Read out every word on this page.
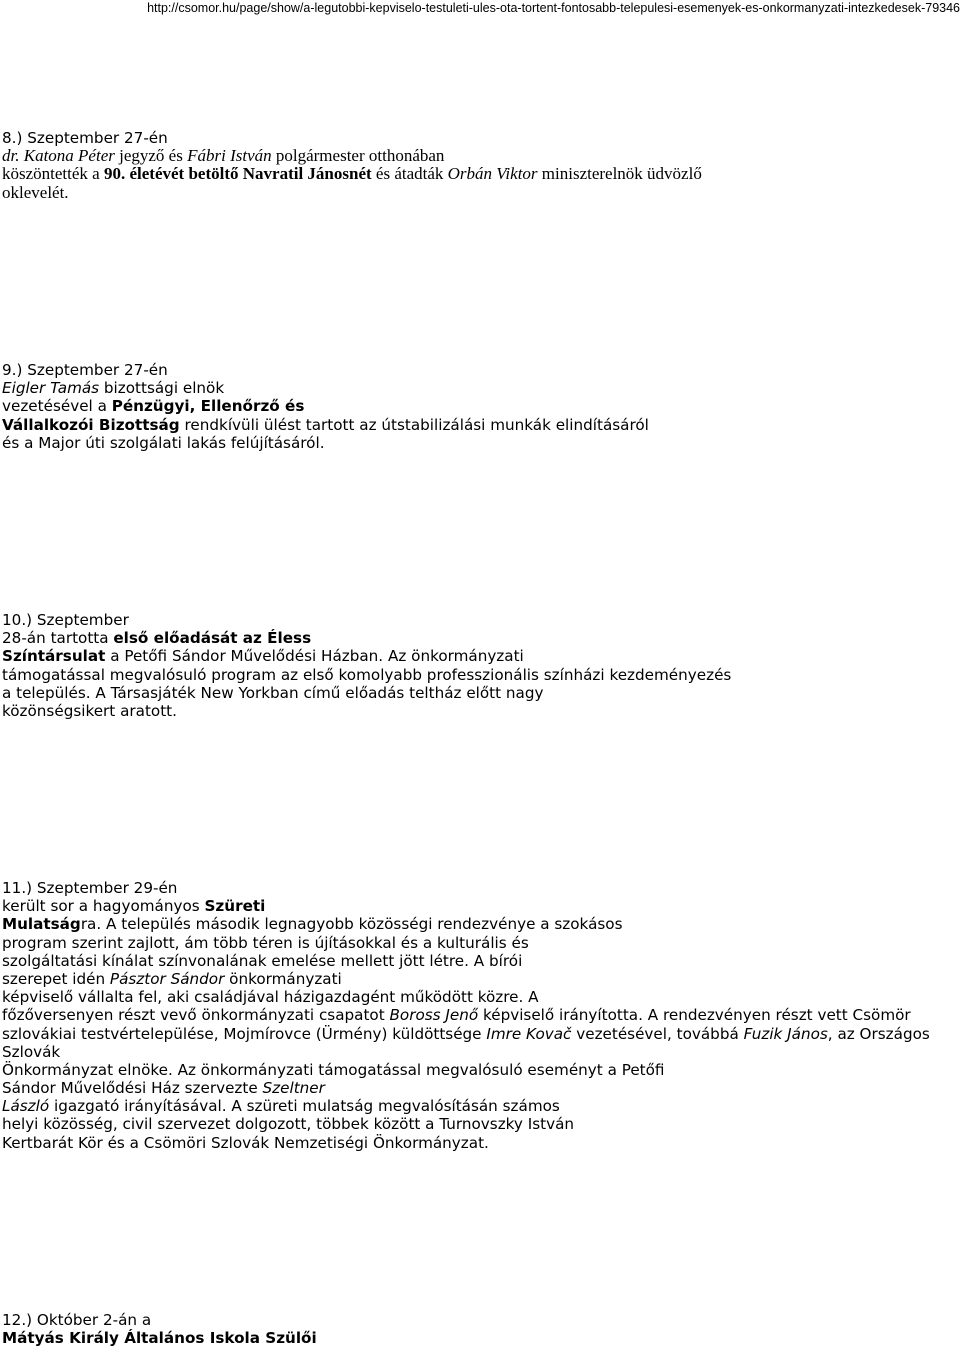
http://csomor.hu/page/show/a-legutobbi-kepviselo-testuleti-ules-ota-tortent-fontosabb-telepulesi-esemenyek-es-onkormanyzati-intezkedesek-79346
8.) Szeptember 27-én
dr. Katona Péter jegyző és Fábri István polgármester otthonában
köszöntették a 90. életévét betöltő Navratil Jánosnét és átadták Orbán Viktor miniszterelnök üdvözlő
oklevelét.
9.) Szeptember 27-én
Eigler Tamás bizottsági elnök
vezetésével a Pénzügyi, Ellenőrző és
Vállalkozói Bizottság rendkívüli ülést tartott az útstabilizálási munkák elindításáról
és a Major úti szolgálati lakás felújításáról.
10.) Szeptember
28-án tartotta első előadását az Éless
Színtársulat a Petőfi Sándor Művelődési Házban. Az önkormányzati
támogatással megvalósuló program az első komolyabb professzionális színházi kezdeményezés
a település. A Társasjáték New Yorkban című előadás teltház előtt nagy
közönségsikert aratott.
11.) Szeptember 29-én
került sor a hagyományos Szüreti
Mulatságra. A település második legnagyobb közösségi rendezvénye a szokásos
program szerint zajlott, ám több téren is újításokkal és a kulturális és
szolgáltatási kínálat színvonalának emelése mellett jött létre. A bírói
szerepet idén Pásztor Sándor önkormányzati
képviselő vállalta fel, aki családjával házigazdagént működött közre. A
főzőversenyen részt vevő önkormányzati csapatot Boross Jenő képviselő irányította. A rendezvényen részt vett Csömör
szlovákiai testvértelepülése, Mojmírovce (Ürmény) küldöttsége Imre Kovač vezetésével, továbbá Fuzik János, az Országos
Szlovák
Önkormányzat elnöke. Az önkormányzati támogatással megvalósuló eseményt a Petőfi
Sándor Művelődési Ház szervezte Szeltner
László igazgató irányításával. A szüreti mulatság megvalósításán számos
helyi közösség, civil szervezet dolgozott, többek között a Turnovszky István
Kertbarát Kör és a Csömöri Szlovák Nemzetiségi Önkormányzat.
12.) Október 2-án a
Mátyás Király Általános Iskola Szülői
